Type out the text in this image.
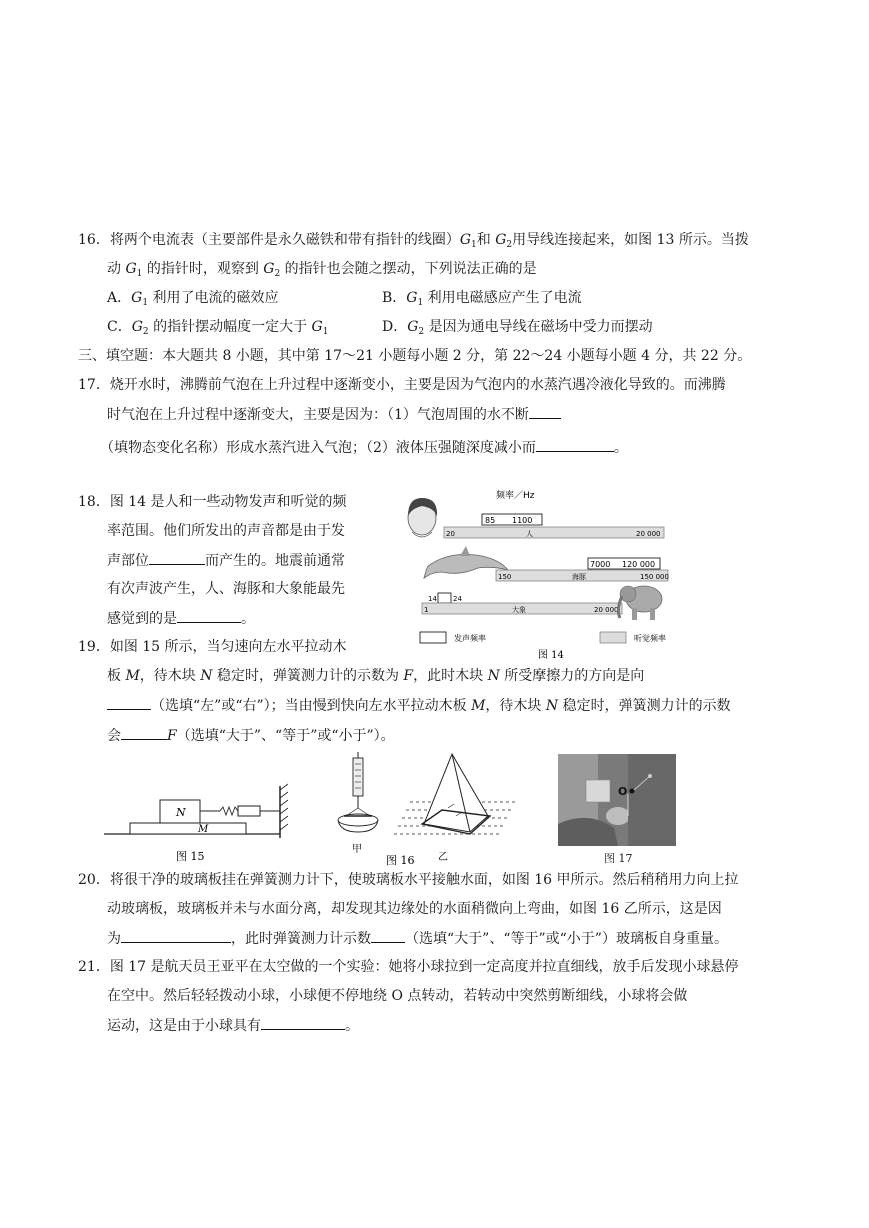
16．将两个电流表（主要部件是永久磁铁和带有指针的线圈）$G_1$和 $G_2$用导线连接起来，如图 13 所示。当拨
动 $G_1$ 的指针时，观察到 $G_2$ 的指针也会随之摆动，下列说法正确的是
A．$G_1$ 利用了电流的磁效应	B．$G_1$ 利用电磁感应产生了电流
C．$G_2$ 的指针摆动幅度一定大于 $G_1$	D．$G_2$ 是因为通电导线在磁场中受力而摆动
三、填空题：本大题共 8 小题，其中第 17～21 小题每小题 2 分，第 22～24 小题每小题 4 分，共 22 分。
17．烧开水时，沸腾前气泡在上升过程中逐渐变小，主要是因为气泡内的水蒸汽遇冷液化导致的。而沸腾
时气泡在上升过程中逐渐变大，主要是因为：（1）气泡周围的水不断
（填物态变化名称）形成水蒸汽进入气泡；（2）液体压强随深度减小而	。
18．图 14 是人和一些动物发声和听觉的频
率范围。他们所发出的声音都是由于发
声部位	而产生的。地震前通常
有次声波产生，人、海豚和大象能最先
感觉到的是	。
频率／Hz
85 1100
20	人	20 000
7000 120 000
150	海豚	150 000
14 24
1	大象	20 000
发声频率	听觉频率
图 14
19．如图 15 所示，当匀速向左水平拉动木
板 M，待木块 N 稳定时，弹簧测力计的示数为 F，此时木块 N 所受摩擦力的方向是向
（选填“左”或“右”）；当由慢到快向左水平拉动木板 M，待木块 N 稳定时，弹簧测力计的示数
会	F（选填“大于”、“等于”或“小于”）。
M
N
图 15
甲
乙
图 16
O
图 17
20．将很干净的玻璃板挂在弹簧测力计下，使玻璃板水平接触水面，如图 16 甲所示。然后稍稍用力向上拉
动玻璃板，玻璃板并未与水面分离，却发现其边缘处的水面稍微向上弯曲，如图 16 乙所示，这是因
为	，此时弹簧测力计示数 （选填“大于”、“等于”或“小于”）玻璃板自身重量。
21．图 17 是航天员王亚平在太空做的一个实验：她将小球拉到一定高度并拉直细线，放手后发现小球悬停
在空中。然后轻轻拨动小球，小球便不停地绕 O 点转动，若转动中突然剪断细线，小球将会做
运动，这是由于小球具有	。
